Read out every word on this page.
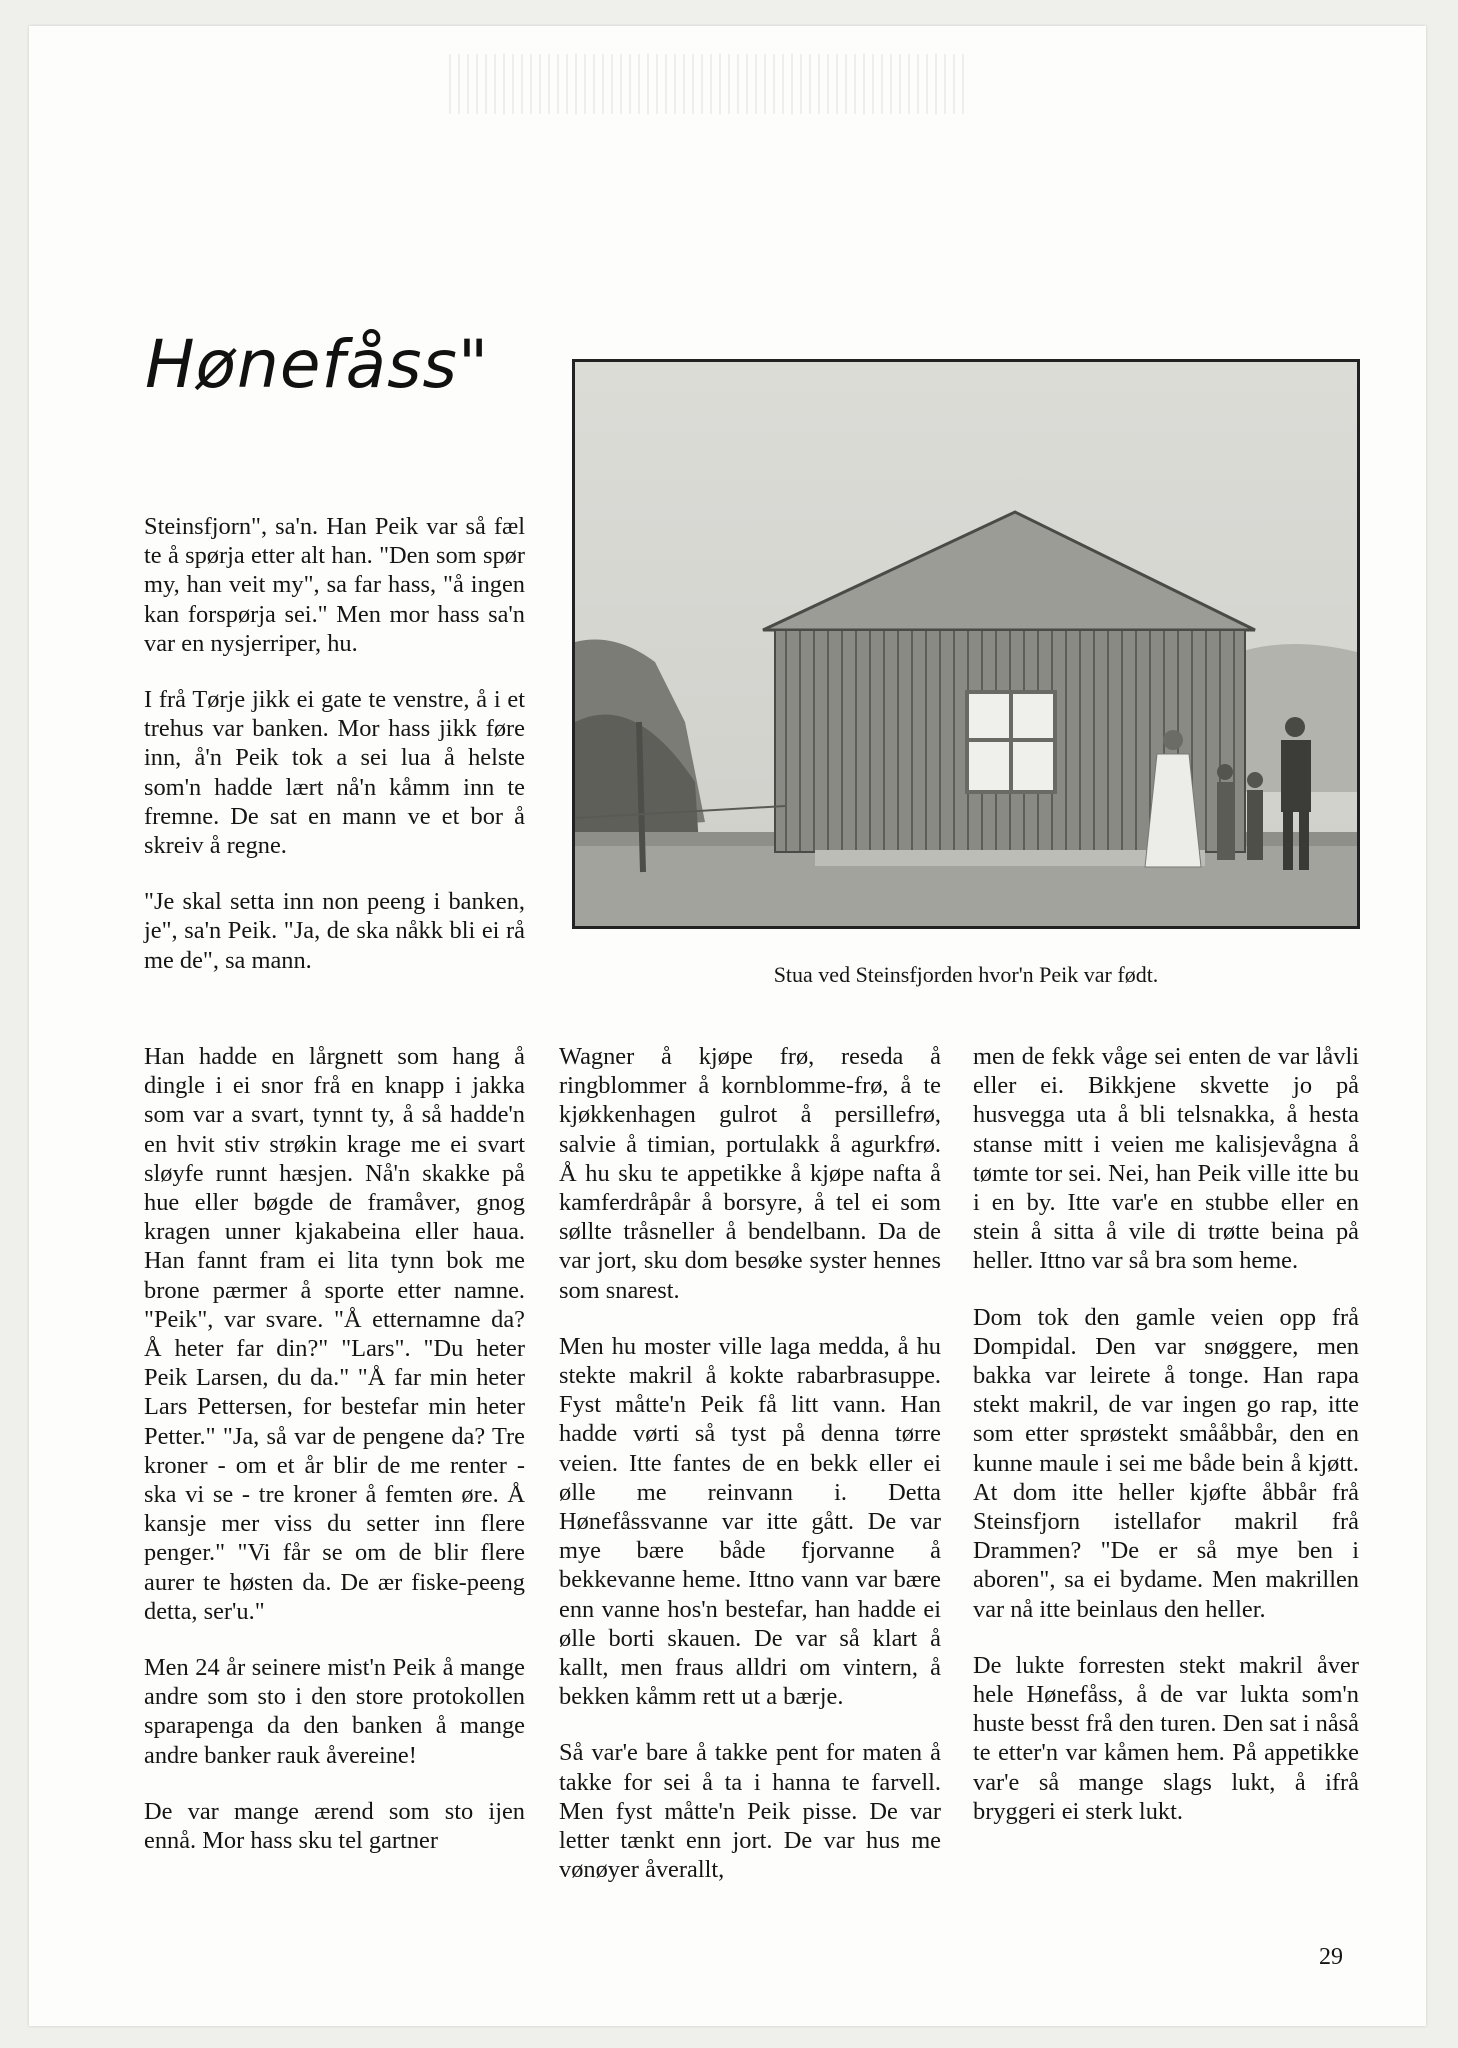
Hønefåss"

Steinsfjorn", sa'n. Han Peik var så fæl te å spørja etter alt han. "Den som spør my, han veit my", sa far hass, "å ingen kan forspørja sei." Men mor hass sa'n var en nysjerriper, hu.

I frå Tørje jikk ei gate te venstre, å i et trehus var banken. Mor hass jikk føre inn, å'n Peik tok a sei lua å helste som'n hadde lært nå'n kåmm inn te fremne. De sat en mann ve et bor å skreiv å regne.

"Je skal setta inn non peeng i banken, je", sa'n Peik. "Ja, de ska nåkk bli ei rå me de", sa mann.

Stua ved Steinsfjorden hvor'n Peik var født.

Han hadde en lårgnett som hang å dingle i ei snor frå en knapp i jakka som var a svart, tynnt ty, å så hadde'n en hvit stiv strøkin krage me ei svart sløyfe runnt hæsjen. Nå'n skakke på hue eller bøgde de framåver, gnog kragen unner kjakabeina eller haua. Han fannt fram ei lita tynn bok me brone pærmer å sporte etter namne. "Peik", var svare. "Å etternamne da? Å heter far din?" "Lars". "Du heter Peik Larsen, du da." "Å far min heter Lars Pettersen, for bestefar min heter Petter." "Ja, så var de pengene da? Tre kroner - om et år blir de me renter - ska vi se - tre kroner å femten øre. Å kansje mer viss du setter inn flere penger." "Vi får se om de blir flere aurer te høsten da. De ær fiske-peeng detta, ser'u."

Men 24 år seinere mist'n Peik å mange andre som sto i den store protokollen sparapenga da den banken å mange andre banker rauk åvereine!

De var mange ærend som sto ijen ennå. Mor hass sku tel gartner

Wagner å kjøpe frø, reseda å ringblommer å kornblomme-frø, å te kjøkkenhagen gulrot å persillefrø, salvie å timian, portulakk å agurkfrø. Å hu sku te appetikke å kjøpe nafta å kamferdråpår å borsyre, å tel ei som søllte tråsneller å bendelbann. Da de var jort, sku dom besøke syster hennes som snarest.

Men hu moster ville laga medda, å hu stekte makril å kokte rabarbrasuppe. Fyst måtte'n Peik få litt vann. Han hadde vørti så tyst på denna tørre veien. Itte fantes de en bekk eller ei ølle me reinvann i. Detta Hønefåssvanne var itte gått. De var mye bære både fjorvanne å bekkevanne heme. Ittno vann var bære enn vanne hos'n bestefar, han hadde ei ølle borti skauen. De var så klart å kallt, men fraus alldri om vintern, å bekken kåmm rett ut a bærje.

Så var'e bare å takke pent for maten å takke for sei å ta i hanna te farvell. Men fyst måtte'n Peik pisse. De var letter tænkt enn jort. De var hus me vønøyer åverallt,

men de fekk våge sei enten de var låvli eller ei. Bikkjene skvette jo på husvegga uta å bli telsnakka, å hesta stanse mitt i veien me kalisjevågna å tømte tor sei. Nei, han Peik ville itte bu i en by. Itte var'e en stubbe eller en stein å sitta å vile di trøtte beina på heller. Ittno var så bra som heme.

Dom tok den gamle veien opp frå Dompidal. Den var snøggere, men bakka var leirete å tonge. Han rapa stekt makril, de var ingen go rap, itte som etter sprøstekt smååbbår, den en kunne maule i sei me både bein å kjøtt. At dom itte heller kjøfte åbbår frå Steinsfjorn istellafor makril frå Drammen? "De er så mye ben i aboren", sa ei bydame. Men makrillen var nå itte beinlaus den heller.

De lukte forresten stekt makril åver hele Hønefåss, å de var lukta som'n huste besst frå den turen. Den sat i nåså te etter'n var kåmen hem. På appetikke var'e så mange slags lukt, å ifrå bryggeri ei sterk lukt.

29
